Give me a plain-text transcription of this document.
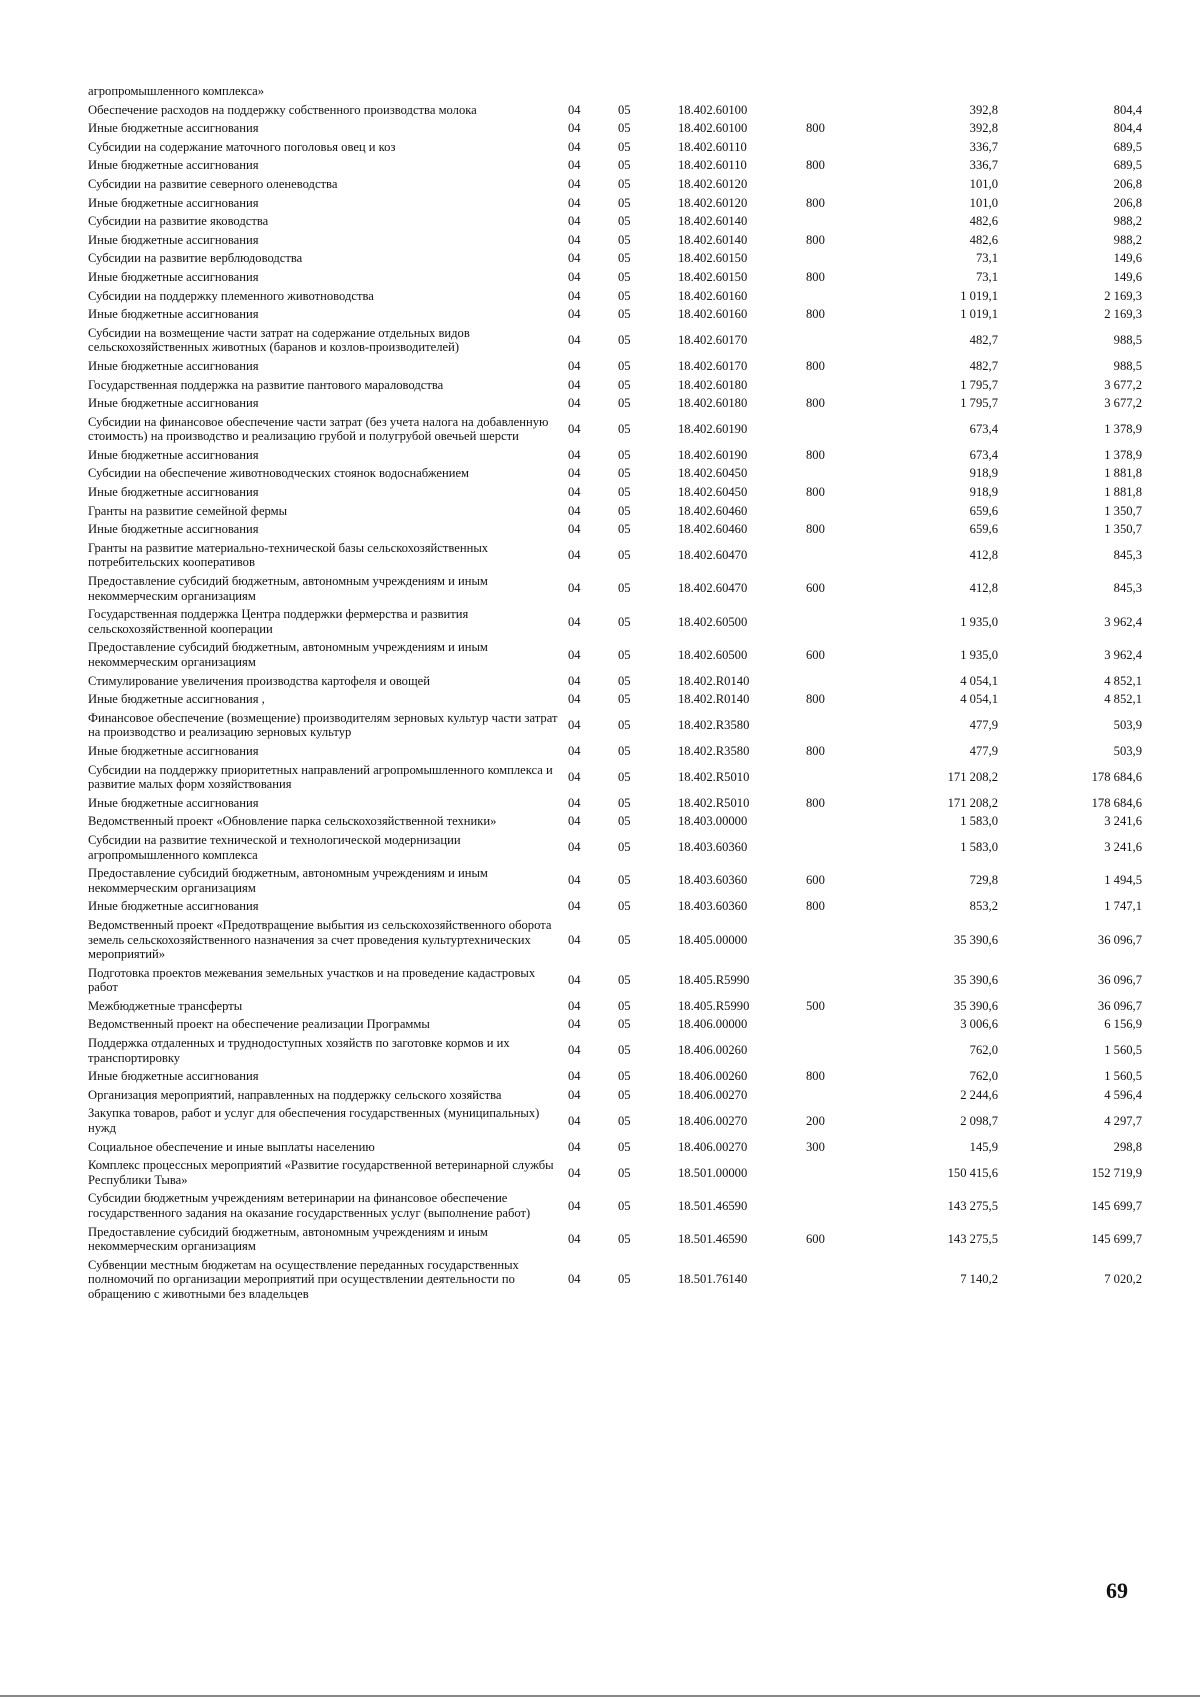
агропромышленного комплекса»						
Обеспечение расходов на поддержку собственного производства молока	04	05	18.402.60100		392,8	804,4
Иные бюджетные ассигнования	04	05	18.402.60100	800	392,8	804,4
Субсидии на содержание маточного поголовья овец и коз	04	05	18.402.60110		336,7	689,5
Иные бюджетные ассигнования	04	05	18.402.60110	800	336,7	689,5
Субсидии на развитие северного оленеводства	04	05	18.402.60120		101,0	206,8
Иные бюджетные ассигнования	04	05	18.402.60120	800	101,0	206,8
Субсидии на развитие яководства	04	05	18.402.60140		482,6	988,2
Иные бюджетные ассигнования	04	05	18.402.60140	800	482,6	988,2
Субсидии на развитие верблюдоводства	04	05	18.402.60150		73,1	149,6
Иные бюджетные ассигнования	04	05	18.402.60150	800	73,1	149,6
Субсидии на поддержку племенного животноводства	04	05	18.402.60160		1 019,1	2 169,3
Иные бюджетные ассигнования	04	05	18.402.60160	800	1 019,1	2 169,3
Субсидии на возмещение части затрат на содержание отдельных видов сельскохозяйственных животных (баранов и козлов-производителей)	04	05	18.402.60170		482,7	988,5
Иные бюджетные ассигнования	04	05	18.402.60170	800	482,7	988,5
Государственная поддержка на развитие пантового мараловодства	04	05	18.402.60180		1 795,7	3 677,2
Иные бюджетные ассигнования	04	05	18.402.60180	800	1 795,7	3 677,2
Субсидии на финансовое обеспечение части затрат (без учета налога на добавленную стоимость) на производство и реализацию грубой и полугрубой овечьей шерсти	04	05	18.402.60190		673,4	1 378,9
Иные бюджетные ассигнования	04	05	18.402.60190	800	673,4	1 378,9
Субсидии на обеспечение животноводческих стоянок водоснабжением	04	05	18.402.60450		918,9	1 881,8
Иные бюджетные ассигнования	04	05	18.402.60450	800	918,9	1 881,8
Гранты на развитие семейной фермы	04	05	18.402.60460		659,6	1 350,7
Иные бюджетные ассигнования	04	05	18.402.60460	800	659,6	1 350,7
Гранты на развитие материально-технической базы сельскохозяйственных потребительских кооперативов	04	05	18.402.60470		412,8	845,3
Предоставление субсидий бюджетным, автономным учреждениям и иным некоммерческим организациям	04	05	18.402.60470	600	412,8	845,3
Государственная поддержка Центра поддержки фермерства и развития сельскохозяйственной кооперации	04	05	18.402.60500		1 935,0	3 962,4
Предоставление субсидий бюджетным, автономным учреждениям и иным некоммерческим организациям	04	05	18.402.60500	600	1 935,0	3 962,4
Стимулирование увеличения производства картофеля и овощей	04	05	18.402.R0140		4 054,1	4 852,1
Иные бюджетные ассигнования ,	04	05	18.402.R0140	800	4 054,1	4 852,1
Финансовое обеспечение (возмещение) производителям зерновых культур части затрат на производство и реализацию зерновых культур	04	05	18.402.R3580		477,9	503,9
Иные бюджетные ассигнования	04	05	18.402.R3580	800	477,9	503,9
Субсидии на поддержку приоритетных направлений агропромышленного комплекса и развитие малых форм хозяйствования	04	05	18.402.R5010		171 208,2	178 684,6
Иные бюджетные ассигнования	04	05	18.402.R5010	800	171 208,2	178 684,6
Ведомственный проект «Обновление парка сельскохозяйственной техники»	04	05	18.403.00000		1 583,0	3 241,6
Субсидии на развитие технической и технологической модернизации агропромышленного комплекса	04	05	18.403.60360		1 583,0	3 241,6
Предоставление субсидий бюджетным, автономным учреждениям и иным некоммерческим организациям	04	05	18.403.60360	600	729,8	1 494,5
Иные бюджетные ассигнования	04	05	18.403.60360	800	853,2	1 747,1
Ведомственный проект «Предотвращение выбытия из сельскохозяйственного оборота земель сельскохозяйственного назначения за счет проведения культуртехнических мероприятий»	04	05	18.405.00000		35 390,6	36 096,7
Подготовка проектов межевания земельных участков и на проведение кадастровых работ	04	05	18.405.R5990		35 390,6	36 096,7
Межбюджетные трансферты	04	05	18.405.R5990	500	35 390,6	36 096,7
Ведомственный проект на обеспечение реализации Программы	04	05	18.406.00000		3 006,6	6 156,9
Поддержка отдаленных и труднодоступных хозяйств по заготовке кормов и их транспортировку	04	05	18.406.00260		762,0	1 560,5
Иные бюджетные ассигнования	04	05	18.406.00260	800	762,0	1 560,5
Организация мероприятий, направленных на поддержку сельского хозяйства	04	05	18.406.00270		2 244,6	4 596,4
Закупка товаров, работ и услуг для обеспечения государственных (муниципальных) нужд	04	05	18.406.00270	200	2 098,7	4 297,7
Социальное обеспечение и иные выплаты населению	04	05	18.406.00270	300	145,9	298,8
Комплекс процессных мероприятий «Развитие государственной ветеринарной службы Республики Тыва»	04	05	18.501.00000		150 415,6	152 719,9
Субсидии бюджетным учреждениям ветеринарии на финансовое обеспечение государственного задания на оказание государственных услуг (выполнение работ)	04	05	18.501.46590		143 275,5	145 699,7
Предоставление субсидий бюджетным, автономным учреждениям и иным некоммерческим организациям	04	05	18.501.46590	600	143 275,5	145 699,7
Субвенции местным бюджетам на осуществление переданных государственных полномочий по организации мероприятий при осуществлении деятельности по обращению с животными без владельцев	04	05	18.501.76140		7 140,2	7 020,2
69
